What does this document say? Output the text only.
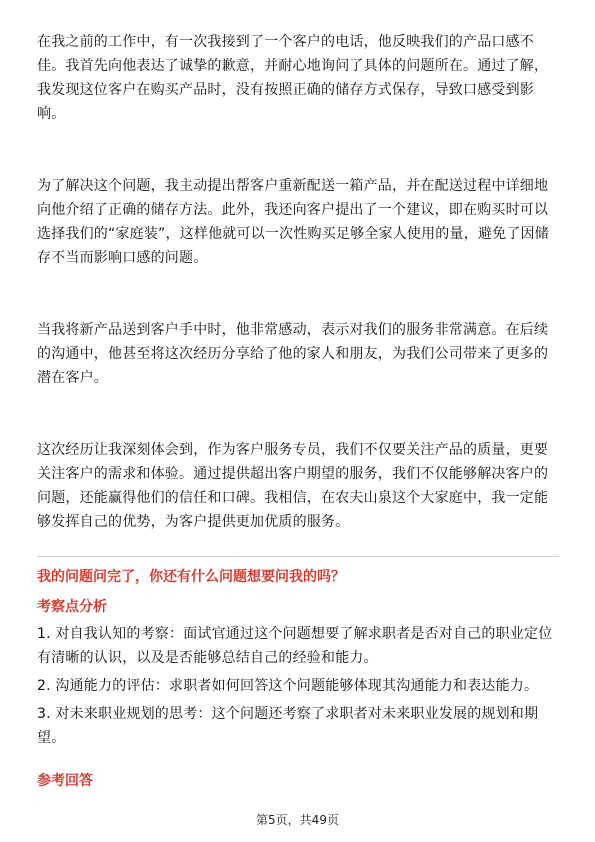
在我之前的工作中，有一次我接到了一个客户的电话，他反映我们的产品口感不佳。我首先向他表达了诚挚的歉意，并耐心地询问了具体的问题所在。通过了解，我发现这位客户在购买产品时，没有按照正确的储存方式保存，导致口感受到影响。

为了解决这个问题，我主动提出帮客户重新配送一箱产品，并在配送过程中详细地向他介绍了正确的储存方法。此外，我还向客户提出了一个建议，即在购买时可以选择我们的“家庭装”，这样他就可以一次性购买足够全家人使用的量，避免了因储存不当而影响口感的问题。

当我将新产品送到客户手中时，他非常感动，表示对我们的服务非常满意。在后续的沟通中，他甚至将这次经历分享给了他的家人和朋友，为我们公司带来了更多的潜在客户。

这次经历让我深刻体会到，作为客户服务专员，我们不仅要关注产品的质量，更要关注客户的需求和体验。通过提供超出客户期望的服务，我们不仅能够解决客户的问题，还能赢得他们的信任和口碑。我相信，在农夫山泉这个大家庭中，我一定能够发挥自己的优势，为客户提供更加优质的服务。

我的问题问完了，你还有什么问题想要问我的吗？
考察点分析

1. 对自我认知的考察：面试官通过这个问题想要了解求职者是否对自己的职业定位有清晰的认识，以及是否能够总结自己的经验和能力。

2. 沟通能力的评估：求职者如何回答这个问题能够体现其沟通能力和表达能力。

3. 对未来职业规划的思考：这个问题还考察了求职者对未来职业发展的规划和期望。

参考回答
第5页，共49页
